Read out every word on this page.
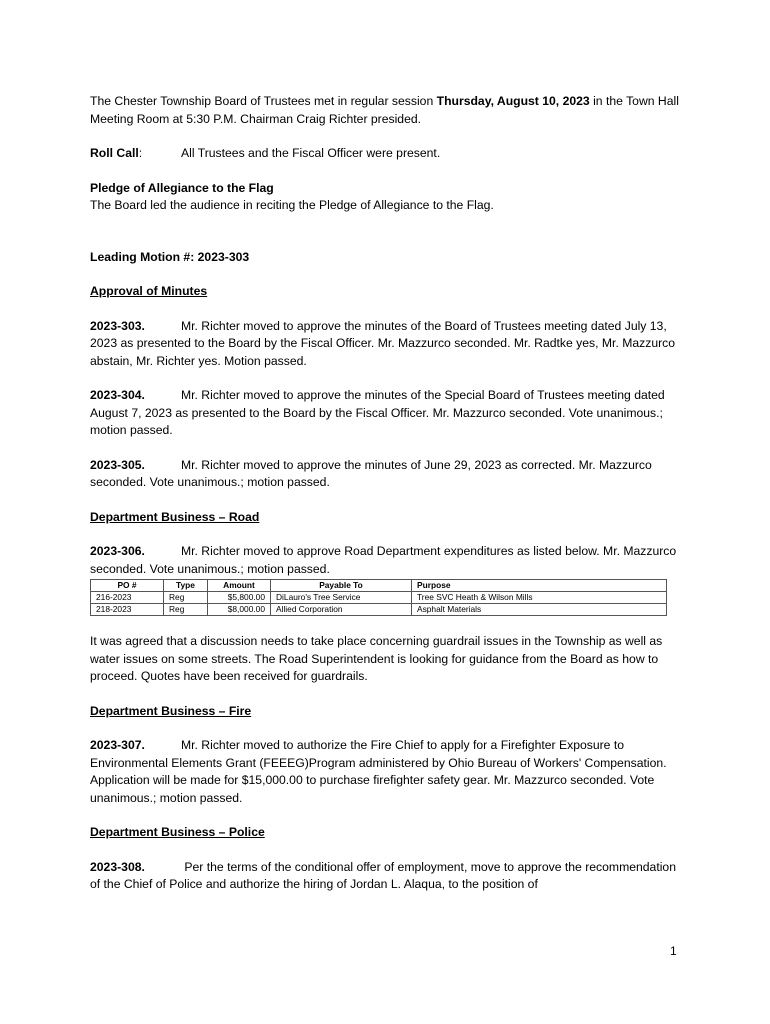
The Chester Township Board of Trustees met in regular session Thursday, August 10, 2023 in the Town Hall Meeting Room at 5:30 P.M. Chairman Craig Richter presided.

Roll Call:	All Trustees and the Fiscal Officer were present.

Pledge of Allegiance to the Flag

The Board led the audience in reciting the Pledge of Allegiance to the Flag.

Leading Motion #: 2023-303

Approval of Minutes

2023-303.	Mr. Richter moved to approve the minutes of the Board of Trustees meeting dated July 13, 2023 as presented to the Board by the Fiscal Officer. Mr. Mazzurco seconded. Mr. Radtke yes, Mr. Mazzurco abstain, Mr. Richter yes. Motion passed.

2023-304.	Mr. Richter moved to approve the minutes of the Special Board of Trustees meeting dated August 7, 2023 as presented to the Board by the Fiscal Officer. Mr. Mazzurco seconded. Vote unanimous.; motion passed.

2023-305.	Mr. Richter moved to approve the minutes of June 29, 2023 as corrected. Mr. Mazzurco seconded. Vote unanimous.; motion passed.

Department Business – Road

2023-306.	Mr. Richter moved to approve Road Department expenditures as listed below. Mr. Mazzurco seconded. Vote unanimous.; motion passed.

PO #	Type	Amount	Payable To	Purpose
216-2023	Reg	$5,800.00	DiLauro's Tree Service	Tree SVC Heath & Wilson Mills
218-2023	Reg	$8,000.00	Allied Corporation	Asphalt Materials

It was agreed that a discussion needs to take place concerning guardrail issues in the Township as well as water issues on some streets. The Road Superintendent is looking for guidance from the Board as how to proceed. Quotes have been received for guardrails.

Department Business – Fire

2023-307.	Mr. Richter moved to authorize the Fire Chief to apply for a Firefighter Exposure to Environmental Elements Grant (FEEEG)Program administered by Ohio Bureau of Workers' Compensation. Application will be made for $15,000.00 to purchase firefighter safety gear. Mr. Mazzurco seconded. Vote unanimous.; motion passed.

Department Business – Police

2023-308.	Per the terms of the conditional offer of employment, move to approve the recommendation of the Chief of Police and authorize the hiring of Jordan L. Alaqua, to the position of

1
